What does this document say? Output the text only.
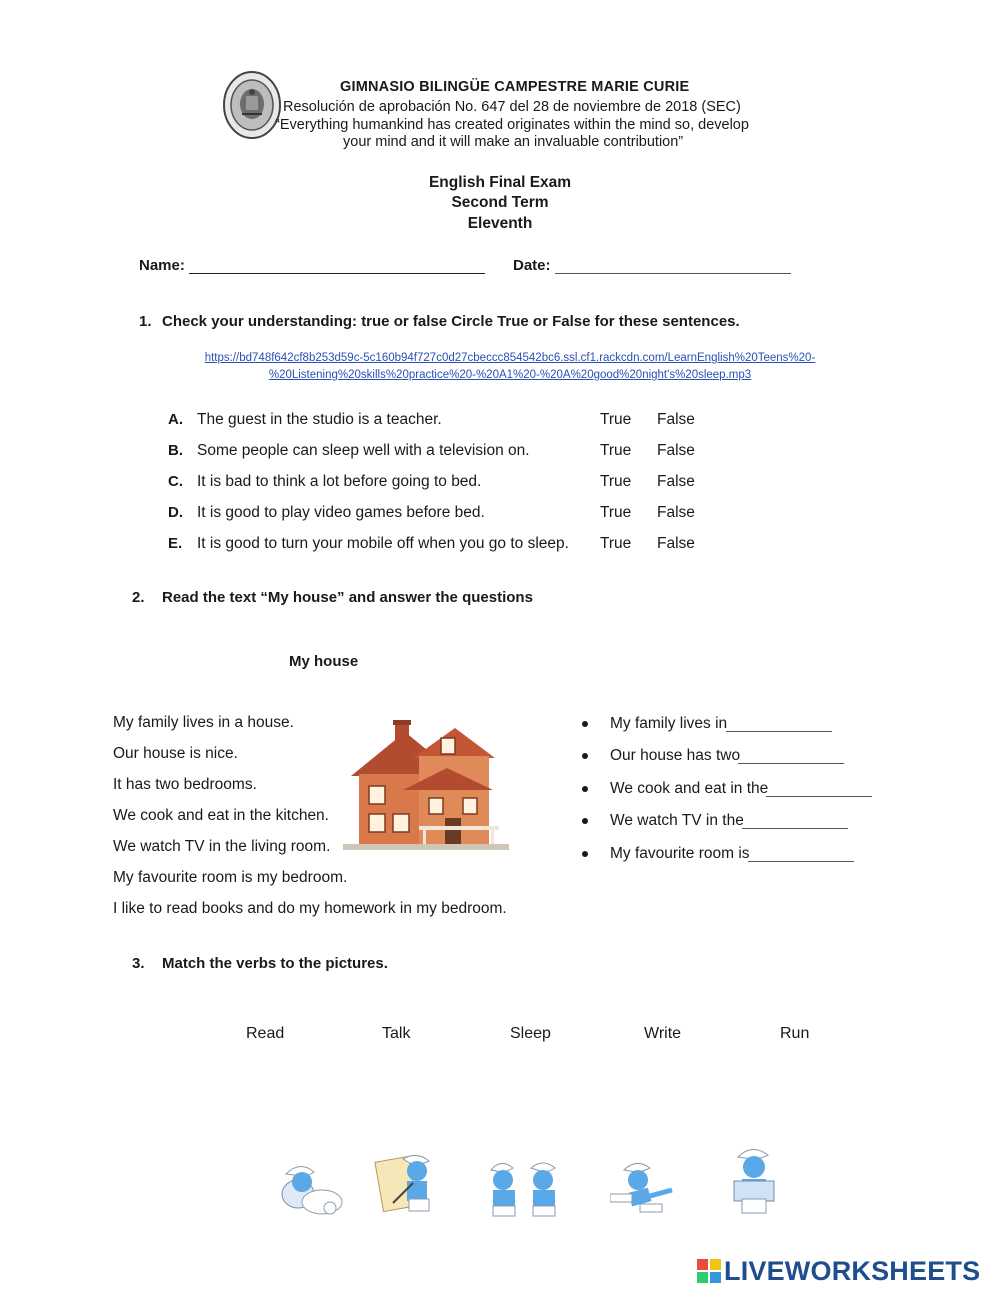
GIMNASIO BILINGÜE CAMPESTRE MARIE CURIE
Resolución de aprobación No. 647 del 28 de noviembre de 2018 (SEC)
“Everything humankind has created originates within the mind so, develop
your mind and it will make an invaluable contribution”
English Final Exam
Second Term
Eleventh
Name:	Date:
1. Check your understanding: true or false Circle True or False for these sentences.
https://bd748f642cf8b253d59c-5c160b94f727c0d27cbeccc854542bc6.ssl.cf1.rackcdn.com/LearnEnglish%20Teens%20-
%20Listening%20skills%20practice%20-%20A1%20-%20A%20good%20night's%20sleep.mp3
A. The guest in the studio is a teacher.	True False
B. Some people can sleep well with a television on.	True False
C. It is bad to think a lot before going to bed.	True False
D. It is good to play video games before bed.	True False
E. It is good to turn your mobile off when you go to sleep. True False
2. Read the text “My house” and answer the questions
My house
My family lives in a house.
Our house is nice.
It has two bedrooms.
We cook and eat in the kitchen.
We watch TV in the living room.
My favourite room is my bedroom.
I like to read books and do my homework in my bedroom.
My family lives in
Our house has two
We cook and eat in the
We watch TV in the
My favourite room is
3. Match the verbs to the pictures.
Read	Talk	Sleep	Write	Run
LIVEWORKSHEETS
